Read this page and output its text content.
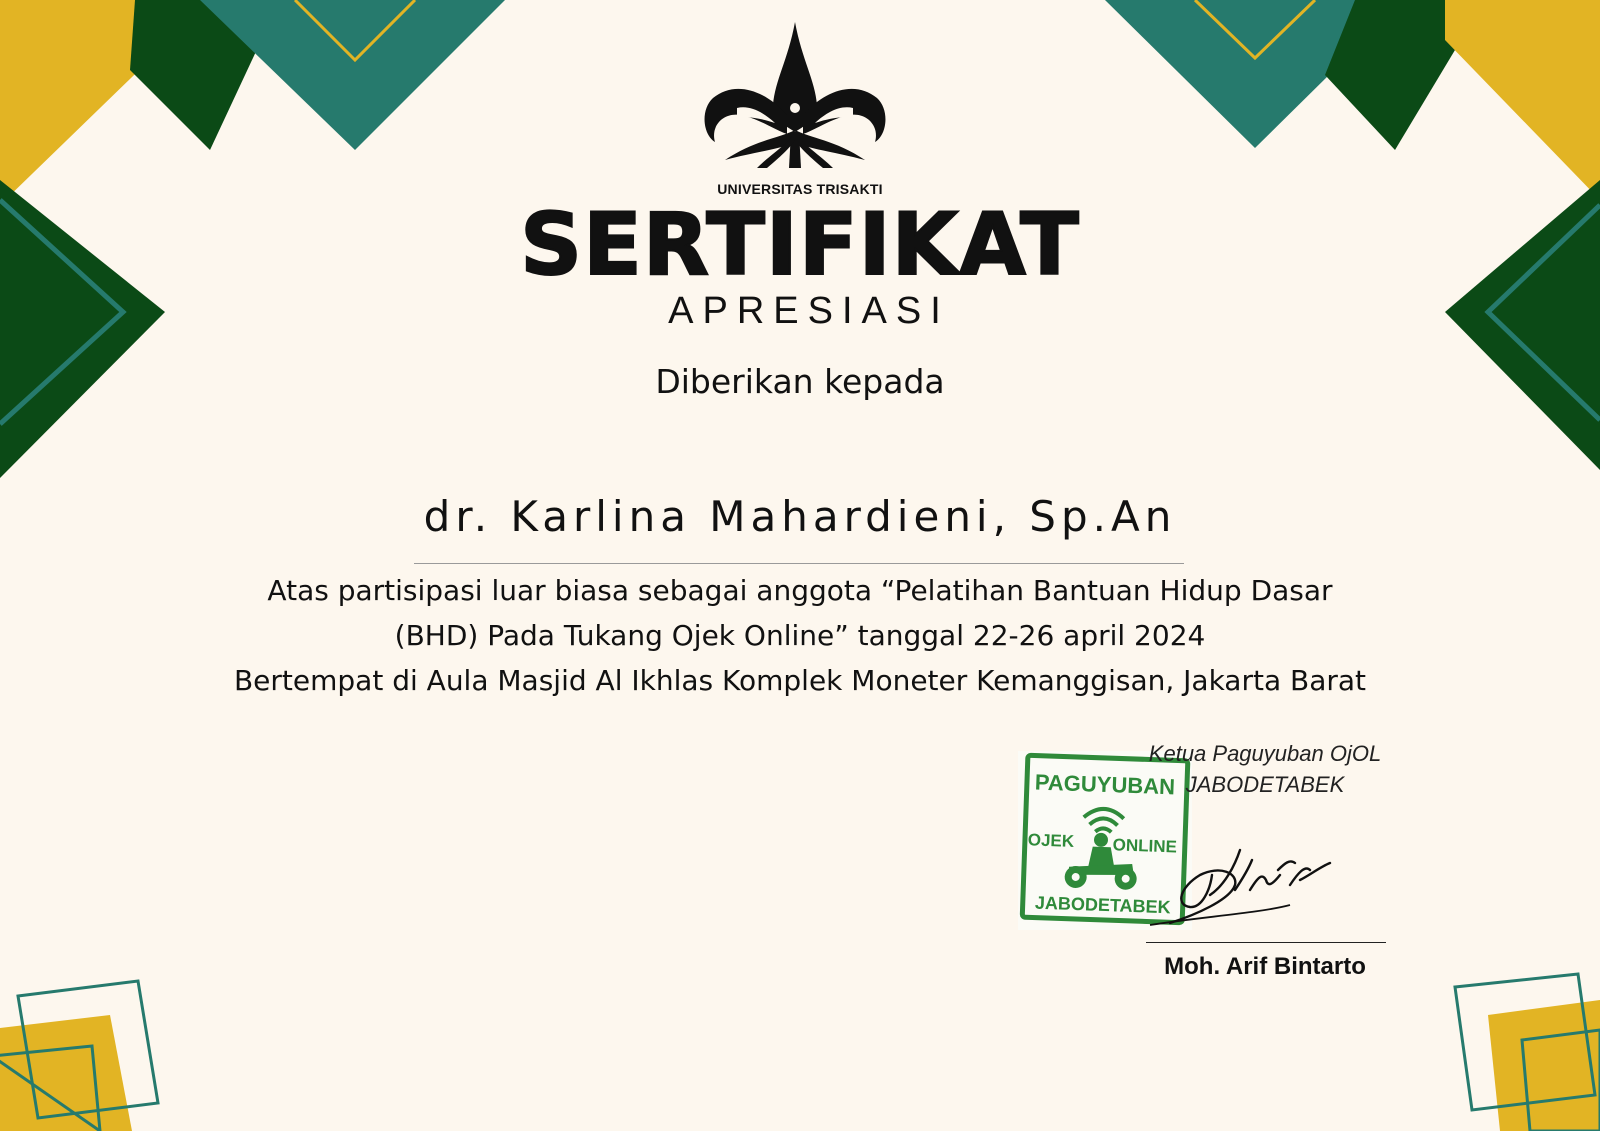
UNIVERSITAS TRISAKTI
SERTIFIKAT
APRESIASI
Diberikan kepada
dr. Karlina Mahardieni, Sp.An
Atas partisipasi luar biasa sebagai anggota “Pelatihan Bantuan Hidup Dasar
(BHD) Pada Tukang Ojek Online” tanggal 22-26 april 2024
Bertempat di Aula Masjid Al Ikhlas Komplek Moneter Kemanggisan, Jakarta Barat
PAGUYUBAN
OJEK ONLINE
JABODETABEK
Ketua Paguyuban OjOL
JABODETABEK
Moh. Arif Bintarto
